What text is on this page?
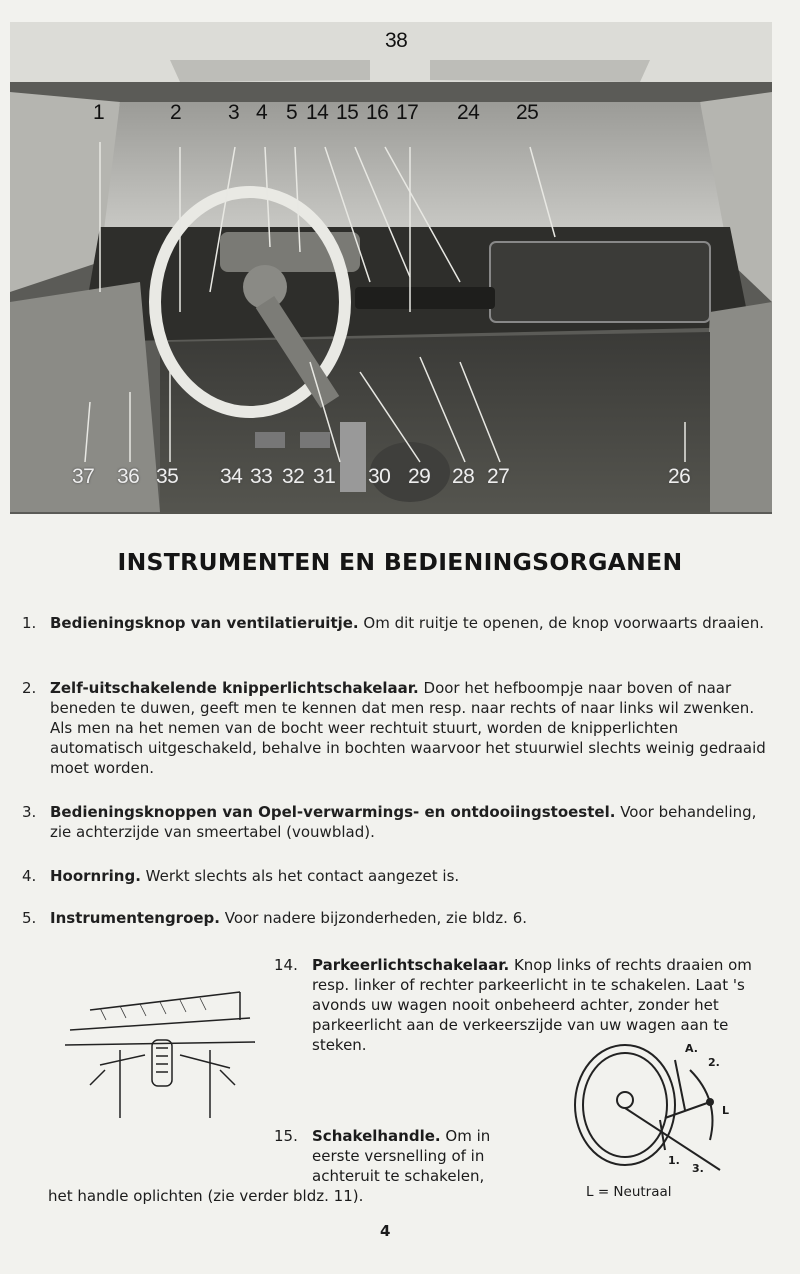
38
1	2 3 4 5 14 15 16 17 24 25
37 36 35 34 33 32 31 30 29 28 27	26
INSTRUMENTEN EN BEDIENINGSORGANEN
1. Bedieningsknop van ventilatieruitje. Om dit ruitje te openen, de knop voorwaarts draaien.
2. Zelf-uitschakelende knipperlichtschakelaar. Door het hefboompje naar boven of naar beneden te duwen, geeft men te kennen dat men resp. naar rechts of naar links wil zwenken. Als men na het nemen van de bocht weer rechtuit stuurt, worden de knipperlichten automatisch uitgeschakeld, behalve in bochten waarvoor het stuurwiel slechts weinig gedraaid moet worden.
3. Bedieningsknoppen van Opel-verwarmings- en ontdooiingstoestel. Voor behandeling, zie achterzijde van smeertabel (vouwblad).
4. Hoornring. Werkt slechts als het contact aangezet is.
5. Instrumentengroep. Voor nadere bijzonderheden, zie bldz. 6.
14. Parkeerlichtschakelaar. Knop links of rechts draaien om resp. linker of rechter parkeerlicht in te schakelen. Laat 's avonds uw wagen nooit onbeheerd achter, zonder het parkeerlicht aan de verkeerszijde van uw wagen aan te steken.
15. Schakelhandle. Om in eerste versnelling of in achteruit te schakelen,
het handle oplichten (zie verder bldz. 11).
A.
2.
L
1.
3.
L = Neutraal
4
